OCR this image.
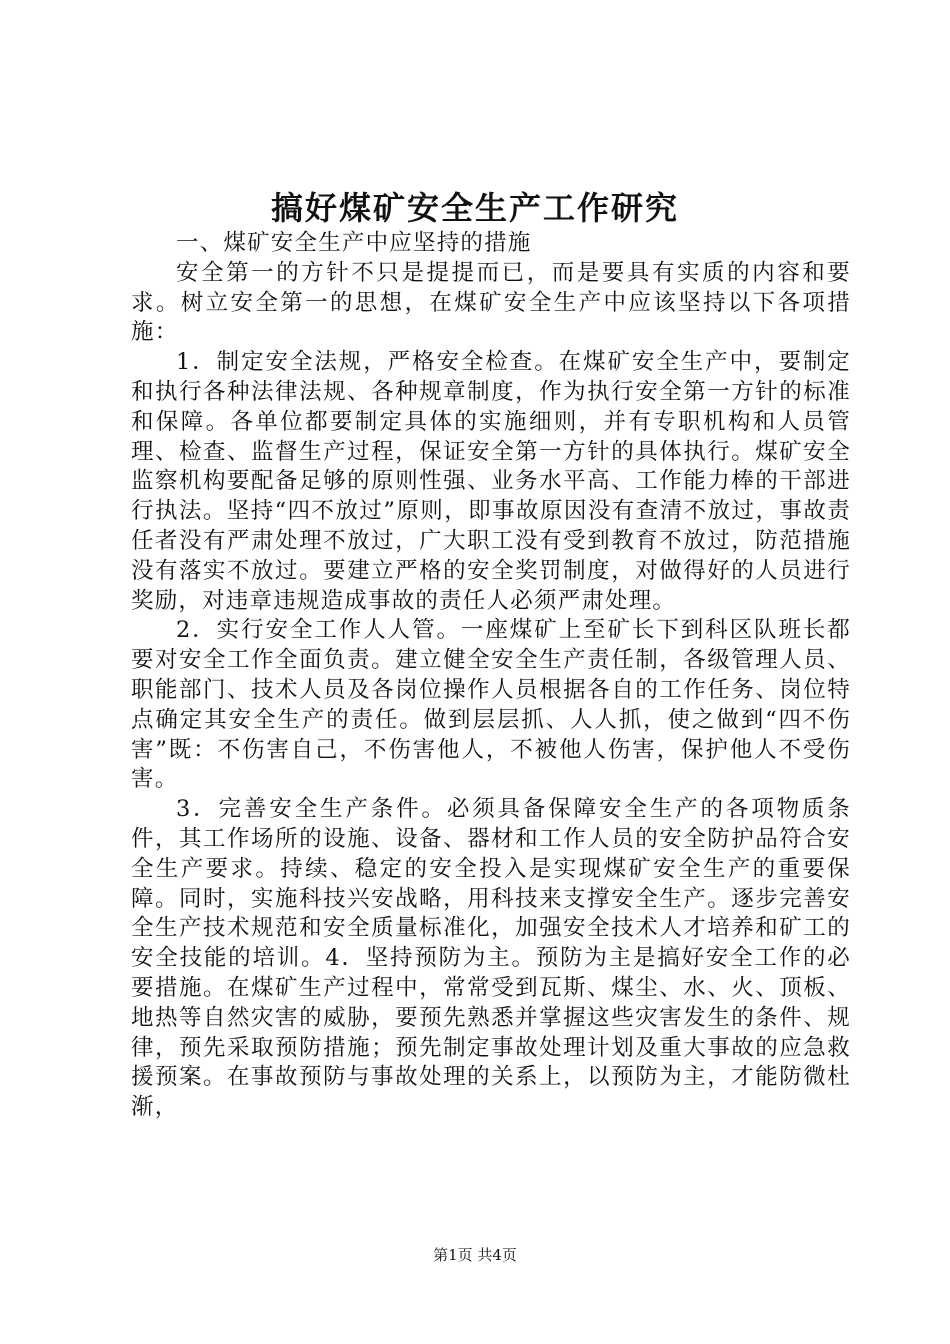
搞好煤矿安全生产工作研究

一、煤矿安全生产中应坚持的措施

安全第一的方针不只是提提而已，而是要具有实质的内容和要求。树立安全第一的思想，在煤矿安全生产中应该坚持以下各项措施：

1．制定安全法规，严格安全检查。在煤矿安全生产中，要制定和执行各种法律法规、各种规章制度，作为执行安全第一方针的标准和保障。各单位都要制定具体的实施细则，并有专职机构和人员管理、检查、监督生产过程，保证安全第一方针的具体执行。煤矿安全监察机构要配备足够的原则性强、业务水平高、工作能力棒的干部进行执法。坚持“四不放过”原则，即事故原因没有查清不放过，事故责任者没有严肃处理不放过，广大职工没有受到教育不放过，防范措施没有落实不放过。要建立严格的安全奖罚制度，对做得好的人员进行奖励，对违章违规造成事故的责任人必须严肃处理。

2．实行安全工作人人管。一座煤矿上至矿长下到科区队班长都要对安全工作全面负责。建立健全安全生产责任制，各级管理人员、职能部门、技术人员及各岗位操作人员根据各自的工作任务、岗位特点确定其安全生产的责任。做到层层抓、人人抓，使之做到“四不伤害”既：不伤害自己，不伤害他人，不被他人伤害，保护他人不受伤害。

3．完善安全生产条件。必须具备保障安全生产的各项物质条件，其工作场所的设施、设备、器材和工作人员的安全防护品符合安全生产要求。持续、稳定的安全投入是实现煤矿安全生产的重要保障。同时，实施科技兴安战略，用科技来支撑安全生产。逐步完善安全生产技术规范和安全质量标准化，加强安全技术人才培养和矿工的安全技能的培训。4．坚持预防为主。预防为主是搞好安全工作的必要措施。在煤矿生产过程中，常常受到瓦斯、煤尘、水、火、顶板、地热等自然灾害的威胁，要预先熟悉并掌握这些灾害发生的条件、规律，预先采取预防措施；预先制定事故处理计划及重大事故的应急救援预案。在事故预防与事故处理的关系上，以预防为主，才能防微杜渐，

第1页 共4页
